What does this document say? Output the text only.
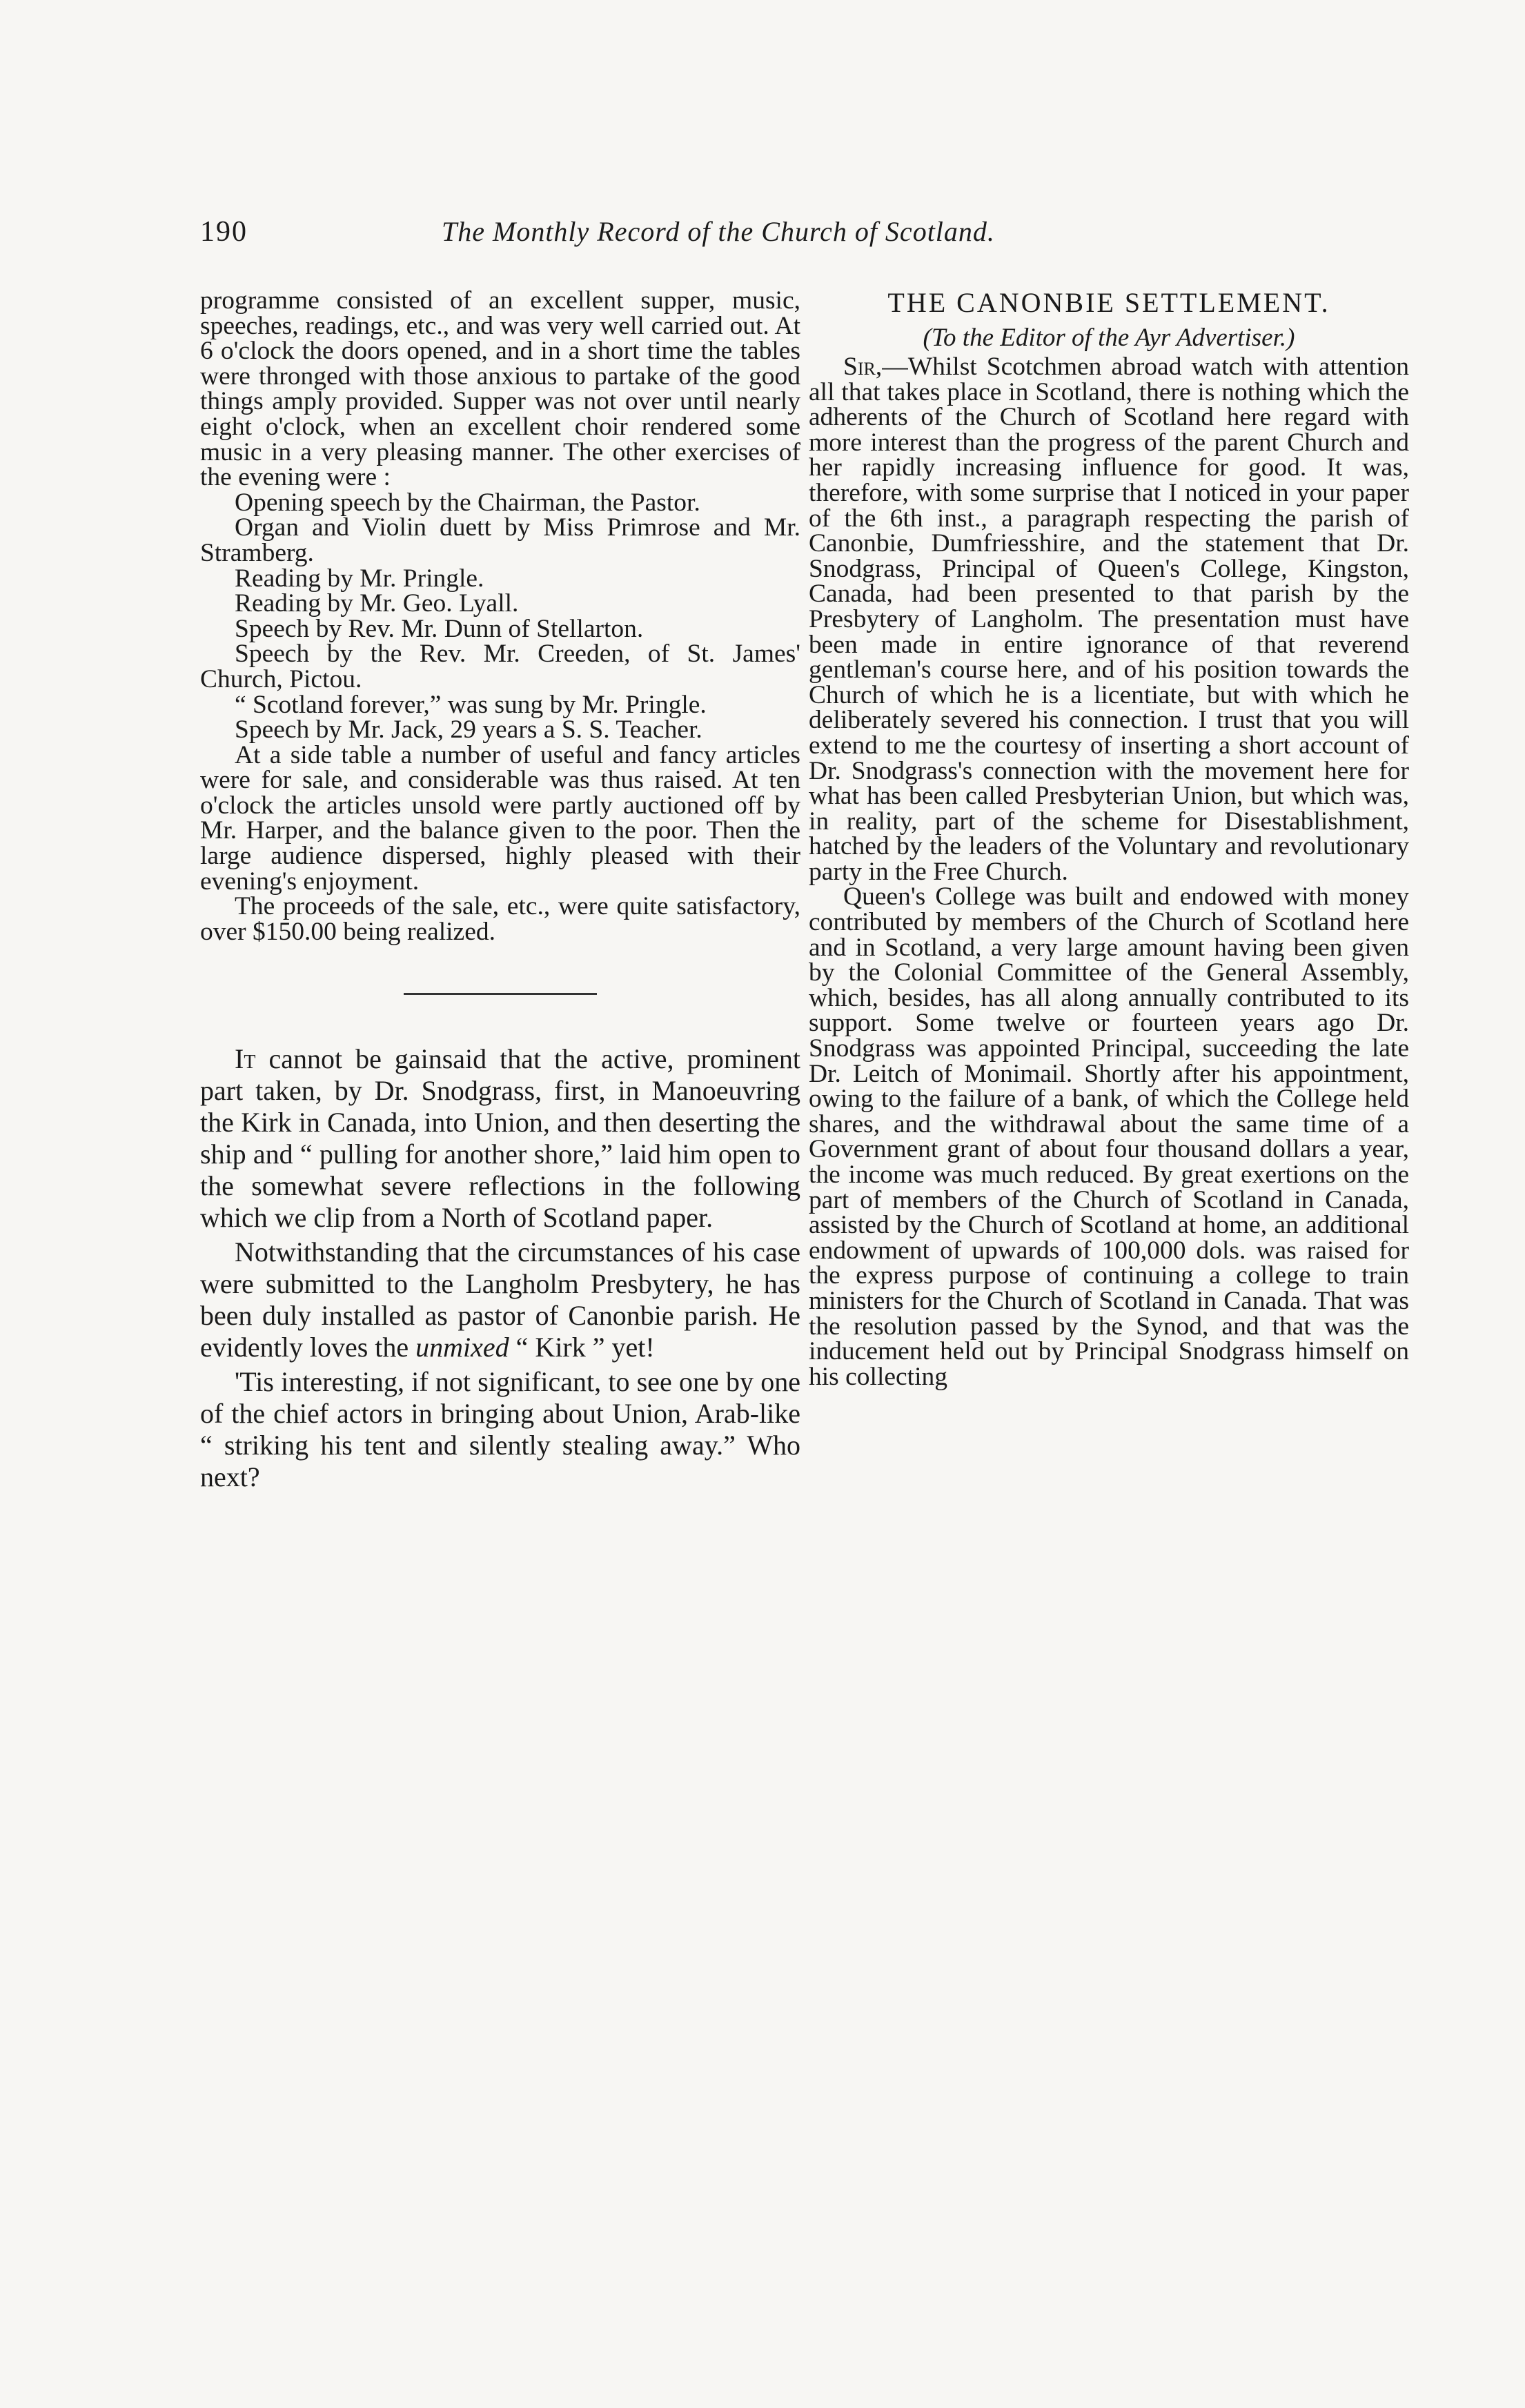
190	The Monthly Record of the Church of Scotland.

programme consisted of an excellent supper, music, speeches, readings, etc., and was very well carried out. At 6 o'clock the doors opened, and in a short time the tables were thronged with those anxious to partake of the good things amply provided. Supper was not over until nearly eight o'clock, when an excellent choir rendered some music in a very pleasing manner. The other exercises of the evening were :

Opening speech by the Chairman, the Pastor.

Organ and Violin duett by Miss Primrose and Mr. Stramberg.

Reading by Mr. Pringle.

Reading by Mr. Geo. Lyall.

Speech by Rev. Mr. Dunn of Stellarton.

Speech by the Rev. Mr. Creeden, of St. James' Church, Pictou.

“ Scotland forever,” was sung by Mr. Pringle.

Speech by Mr. Jack, 29 years a S. S. Teacher.

At a side table a number of useful and fancy articles were for sale, and considerable was thus raised. At ten o'clock the articles unsold were partly auctioned off by Mr. Harper, and the balance given to the poor. Then the large audience dispersed, highly pleased with their evening's enjoyment.

The proceeds of the sale, etc., were quite satisfactory, over $150.00 being realized.

It cannot be gainsaid that the active, prominent part taken, by Dr. Snodgrass, first, in Manoeuvring the Kirk in Canada, into Union, and then deserting the ship and “ pulling for another shore,” laid him open to the somewhat severe reflections in the following which we clip from a North of Scotland paper.

Notwithstanding that the circumstances of his case were submitted to the Langholm Presbytery, he has been duly installed as pastor of Canonbie parish. He evidently loves the unmixed “ Kirk ” yet!

'Tis interesting, if not significant, to see one by one of the chief actors in bringing about Union, Arab-like “ striking his tent and silently stealing away.” Who next?

THE CANONBIE SETTLEMENT.
(To the Editor of the Ayr Advertiser.)

Sir,—Whilst Scotchmen abroad watch with attention all that takes place in Scotland, there is nothing which the adherents of the Church of Scotland here regard with more interest than the progress of the parent Church and her rapidly increasing influence for good. It was, therefore, with some surprise that I noticed in your paper of the 6th inst., a paragraph respecting the parish of Canonbie, Dumfriesshire, and the statement that Dr. Snodgrass, Principal of Queen's College, Kingston, Canada, had been presented to that parish by the Presbytery of Langholm. The presentation must have been made in entire ignorance of that reverend gentleman's course here, and of his position towards the Church of which he is a licentiate, but with which he deliberately severed his connection. I trust that you will extend to me the courtesy of inserting a short account of Dr. Snodgrass's connection with the movement here for what has been called Presbyterian Union, but which was, in reality, part of the scheme for Disestablishment, hatched by the leaders of the Voluntary and revolutionary party in the Free Church.

Queen's College was built and endowed with money contributed by members of the Church of Scotland here and in Scotland, a very large amount having been given by the Colonial Committee of the General Assembly, which, besides, has all along annually contributed to its support. Some twelve or fourteen years ago Dr. Snodgrass was appointed Principal, succeeding the late Dr. Leitch of Monimail. Shortly after his appointment, owing to the failure of a bank, of which the College held shares, and the withdrawal about the same time of a Government grant of about four thousand dollars a year, the income was much reduced. By great exertions on the part of members of the Church of Scotland in Canada, assisted by the Church of Scotland at home, an additional endowment of upwards of 100,000 dols. was raised for the express purpose of continuing a college to train ministers for the Church of Scotland in Canada. That was the resolution passed by the Synod, and that was the inducement held out by Principal Snodgrass himself on his collecting
